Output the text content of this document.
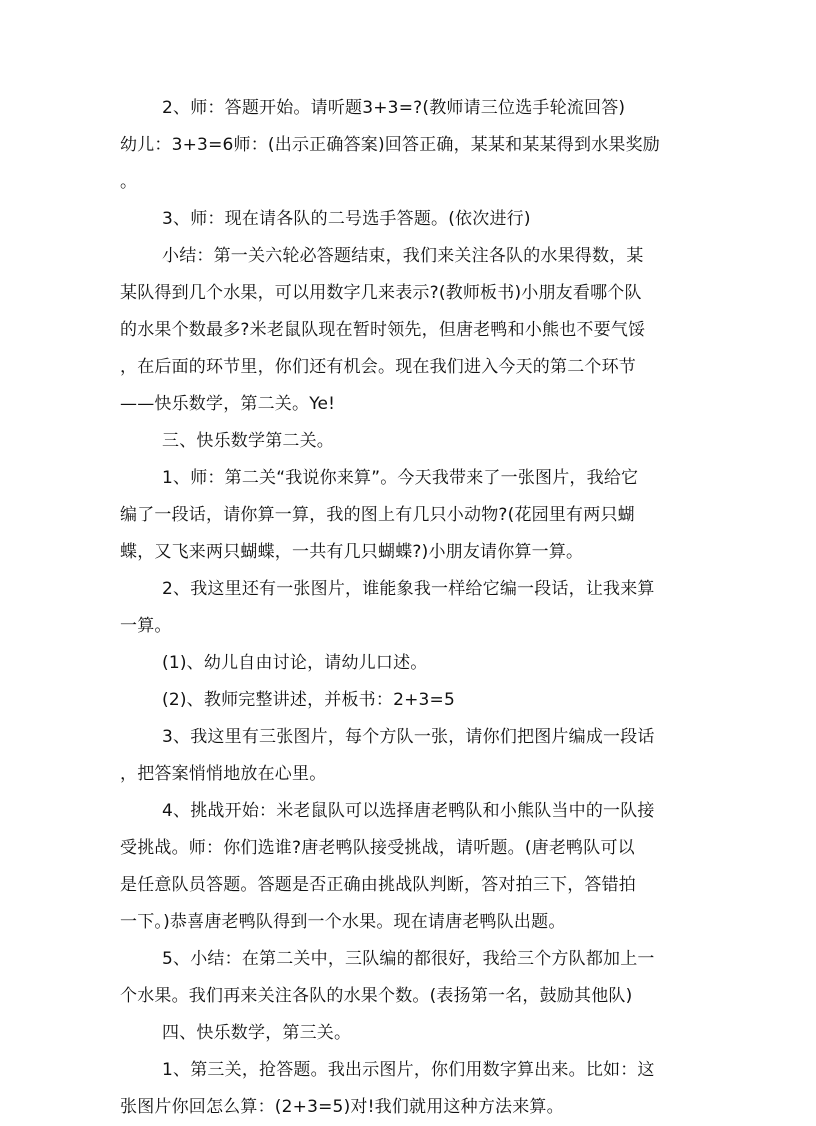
2、师：答题开始。请听题3+3=?(教师请三位选手轮流回答)
幼儿：3+3=6师：(出示正确答案)回答正确，某某和某某得到水果奖励
。
3、师：现在请各队的二号选手答题。(依次进行)
小结：第一关六轮必答题结束，我们来关注各队的水果得数，某
某队得到几个水果，可以用数字几来表示?(教师板书)小朋友看哪个队
的水果个数最多?米老鼠队现在暂时领先，但唐老鸭和小熊也不要气馁
，在后面的环节里，你们还有机会。现在我们进入今天的第二个环节
——快乐数学，第二关。Ye!
三、快乐数学第二关。
1、师：第二关“我说你来算”。今天我带来了一张图片，我给它
编了一段话，请你算一算，我的图上有几只小动物?(花园里有两只蝴
蝶，又飞来两只蝴蝶，一共有几只蝴蝶?)小朋友请你算一算。
2、我这里还有一张图片，谁能象我一样给它编一段话，让我来算
一算。
(1)、幼儿自由讨论，请幼儿口述。
(2)、教师完整讲述，并板书：2+3=5
3、我这里有三张图片，每个方队一张，请你们把图片编成一段话
，把答案悄悄地放在心里。
4、挑战开始：米老鼠队可以选择唐老鸭队和小熊队当中的一队接
受挑战。师：你们选谁?唐老鸭队接受挑战，请听题。(唐老鸭队可以
是任意队员答题。答题是否正确由挑战队判断，答对拍三下，答错拍
一下。)恭喜唐老鸭队得到一个水果。现在请唐老鸭队出题。
5、小结：在第二关中，三队编的都很好，我给三个方队都加上一
个水果。我们再来关注各队的水果个数。(表扬第一名，鼓励其他队)
四、快乐数学，第三关。
1、第三关，抢答题。我出示图片，你们用数字算出来。比如：这
张图片你回怎么算：(2+3=5)对!我们就用这种方法来算。
